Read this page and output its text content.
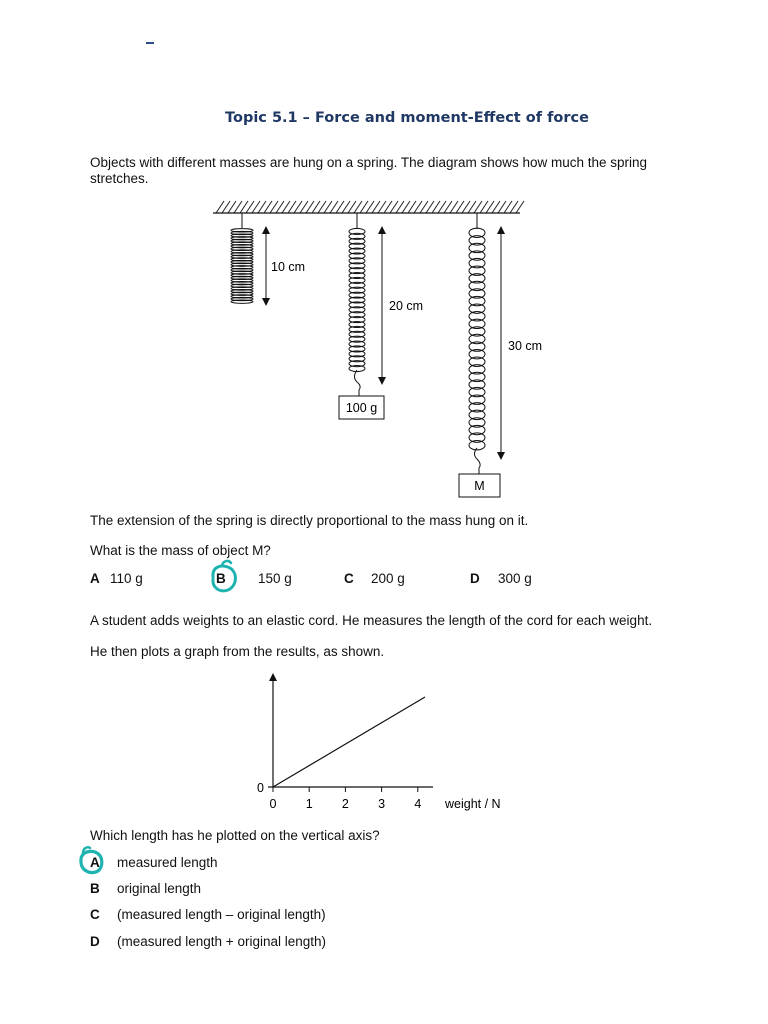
Topic 5.1 – Force and moment-Effect of force
Objects with different masses are hung on a spring. The diagram shows how much the spring stretches.
10 cm
20 cm
100 g
30 cm
M
The extension of the spring is directly proportional to the mass hung on it.
What is the mass of object M?
A 110 g	B 150 g	C 200 g	D 300 g
A student adds weights to an elastic cord. He measures the length of the cord for each weight.
He then plots a graph from the results, as shown.
0 1 2 3 4
0
weight / N
Which length has he plotted on the vertical axis?
A measured length
B original length
C (measured length – original length)
D (measured length + original length)
